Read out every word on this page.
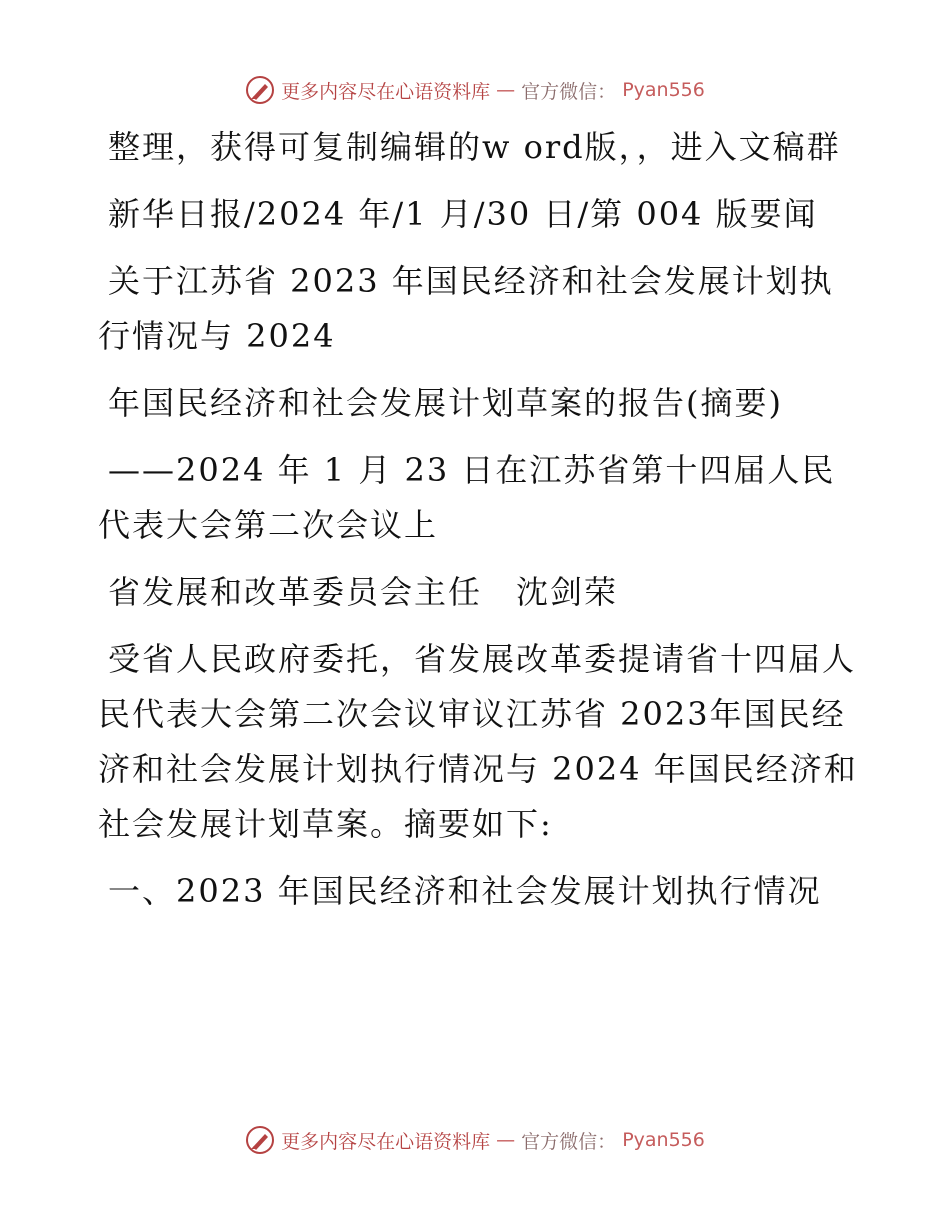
更多内容尽在心语资料库 — 官方微信： Pyan556

整理，获得可复制编辑的w ord版，，进入文稿群

新华日报/2024 年/1 月/30 日/第 004 版要闻

关于江苏省 2023 年国民经济和社会发展计划执行情况与 2024

年国民经济和社会发展计划草案的报告(摘要)

——2024 年 1 月 23 日在江苏省第十四届人民代表大会第二次会议上

省发展和改革委员会主任　沈剑荣

受省人民政府委托，省发展改革委提请省十四届人民代表大会第二次会议审议江苏省 2023年国民经济和社会发展计划执行情况与 2024 年国民经济和社会发展计划草案。摘要如下:

一、2023 年国民经济和社会发展计划执行情况

更多内容尽在心语资料库 — 官方微信： Pyan556
